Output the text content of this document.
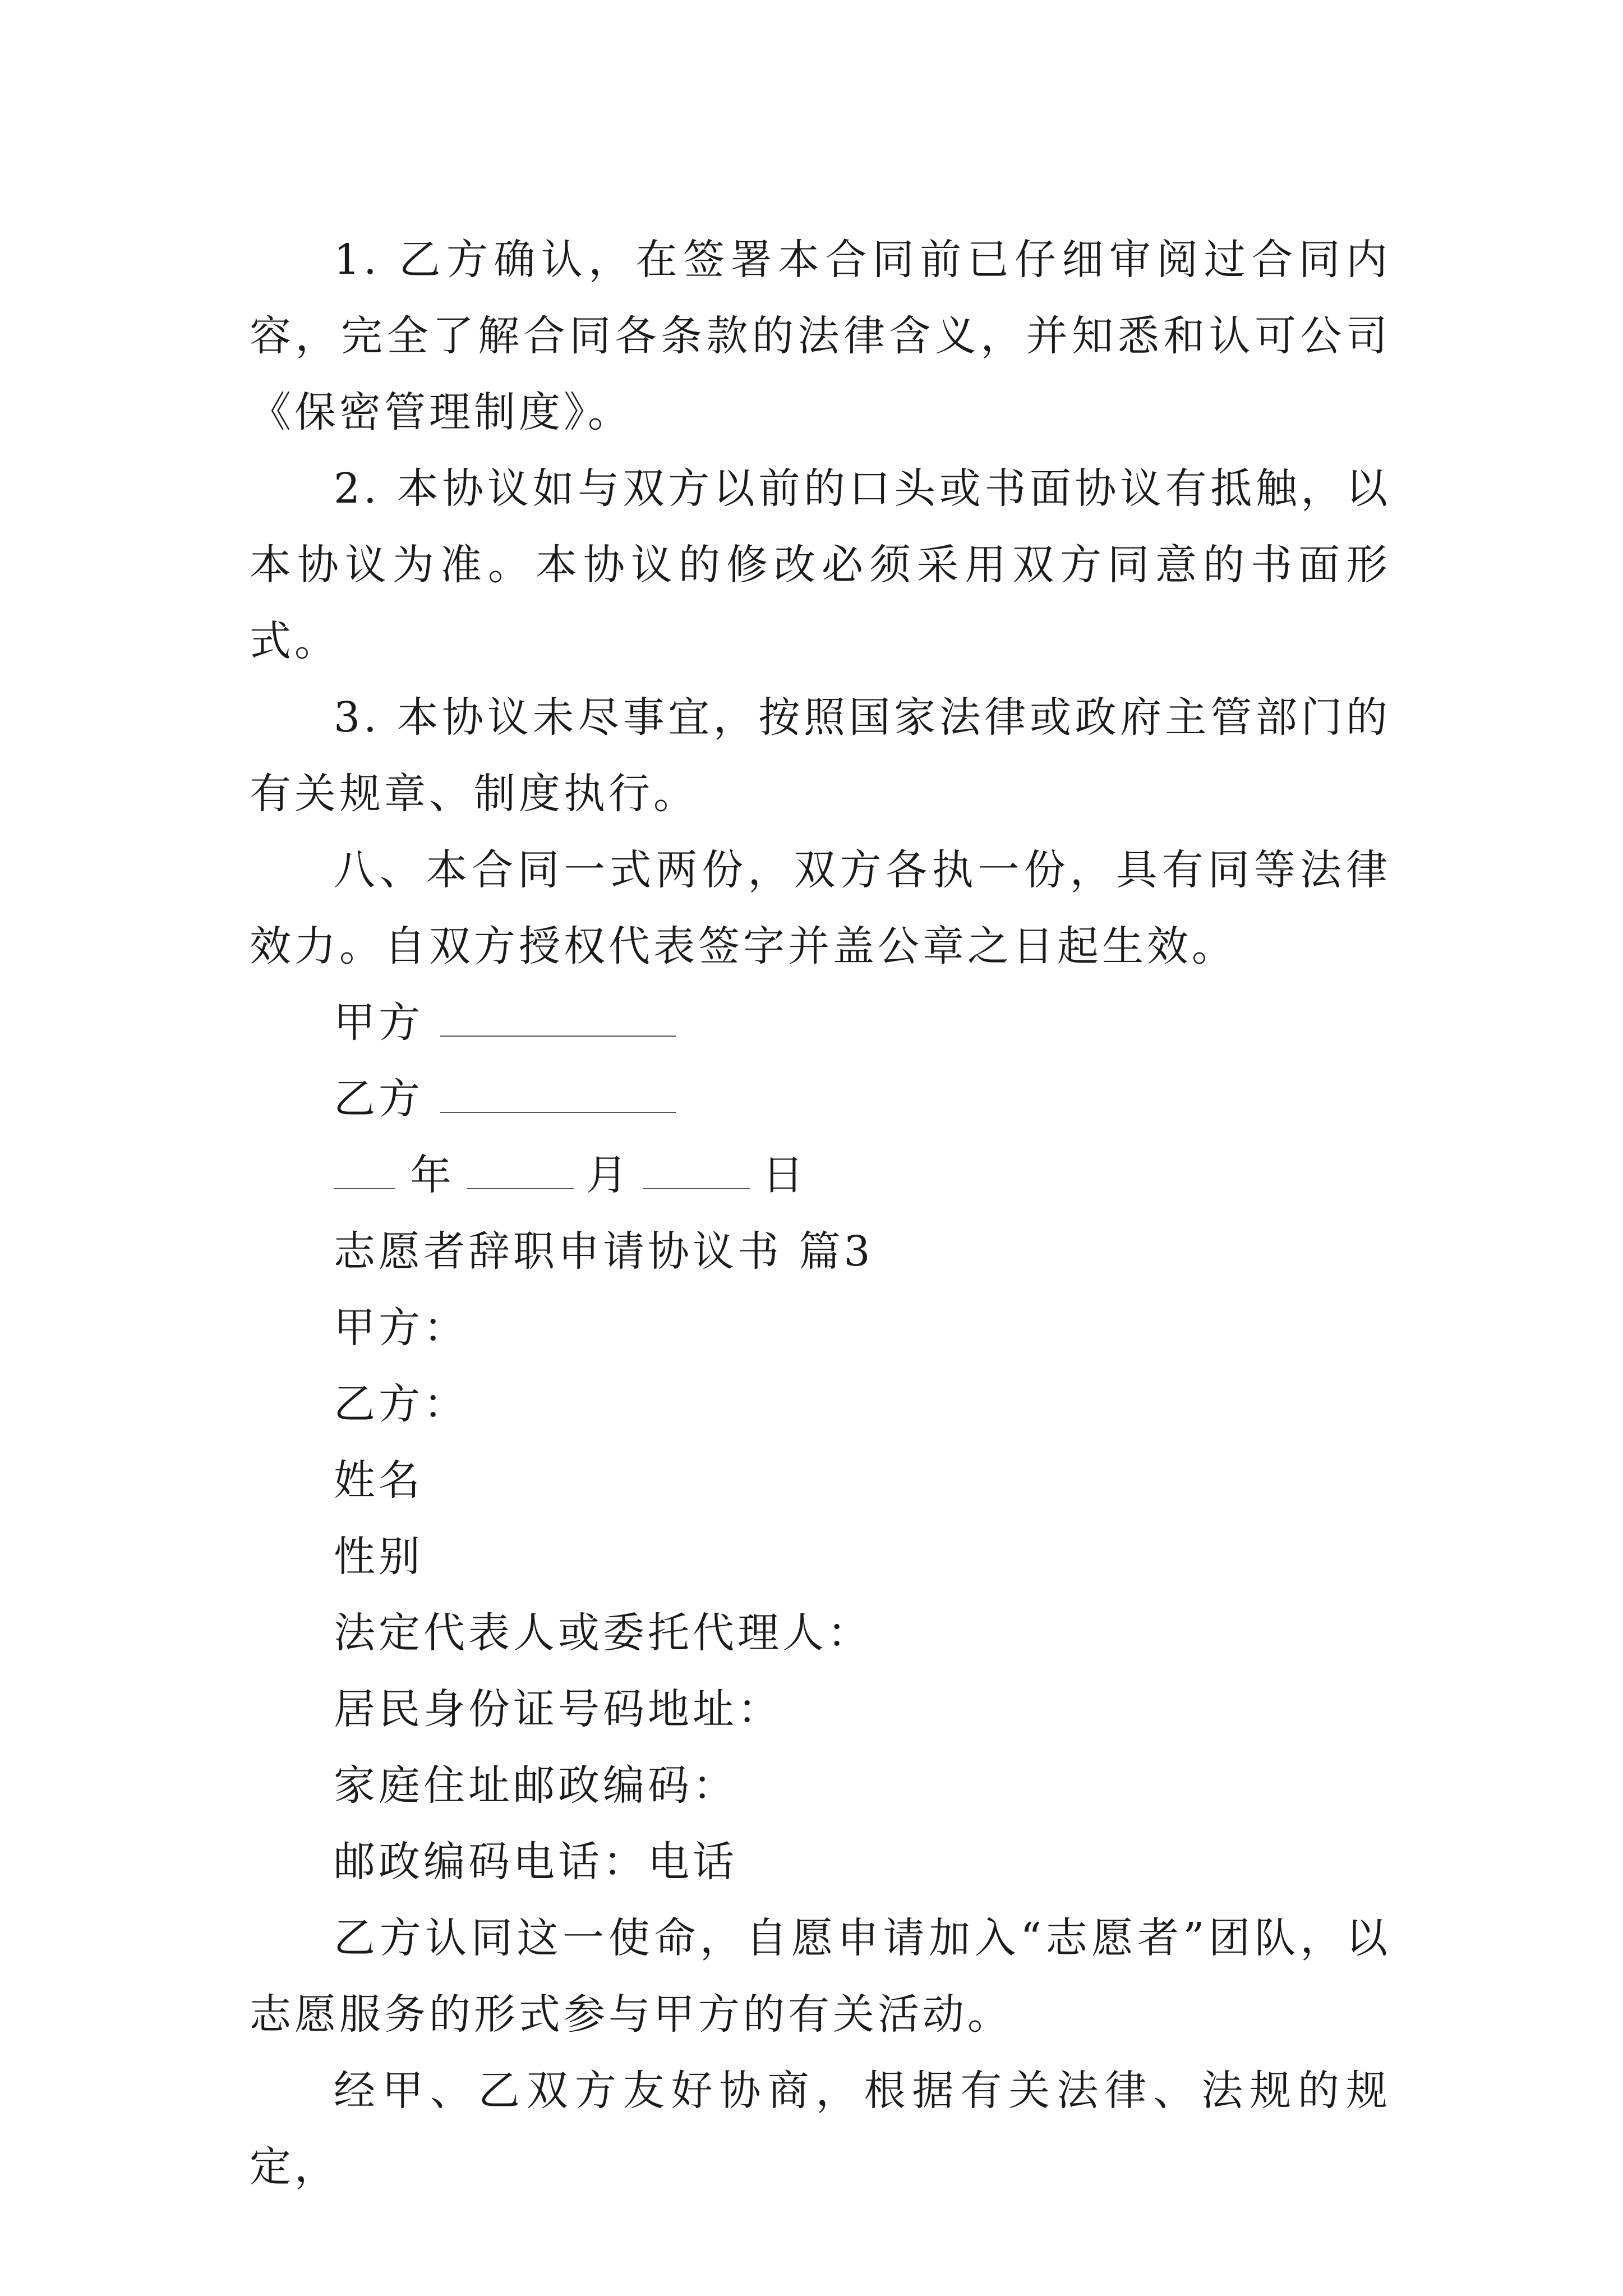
1. 乙方确认，在签署本合同前已仔细审阅过合同内容，完全了解合同各条款的法律含义，并知悉和认可公司《保密管理制度》。

2. 本协议如与双方以前的口头或书面协议有抵触，以本协议为准。本协议的修改必须采用双方同意的书面形式。

3. 本协议未尽事宜，按照国家法律或政府主管部门的有关规章、制度执行。

八、本合同一式两份，双方各执一份，具有同等法律效力。自双方授权代表签字并盖公章之日起生效。

甲方
乙方
年	月	日
志愿者辞职申请协议书 篇3
甲方：
乙方：
姓名
性别
法定代表人或委托代理人：
居民身份证号码地址：
家庭住址邮政编码：
邮政编码电话：电话

乙方认同这一使命，自愿申请加入“志愿者”团队，以志愿服务的形式参与甲方的有关活动。

经甲、乙双方友好协商，根据有关法律、法规的规定，
